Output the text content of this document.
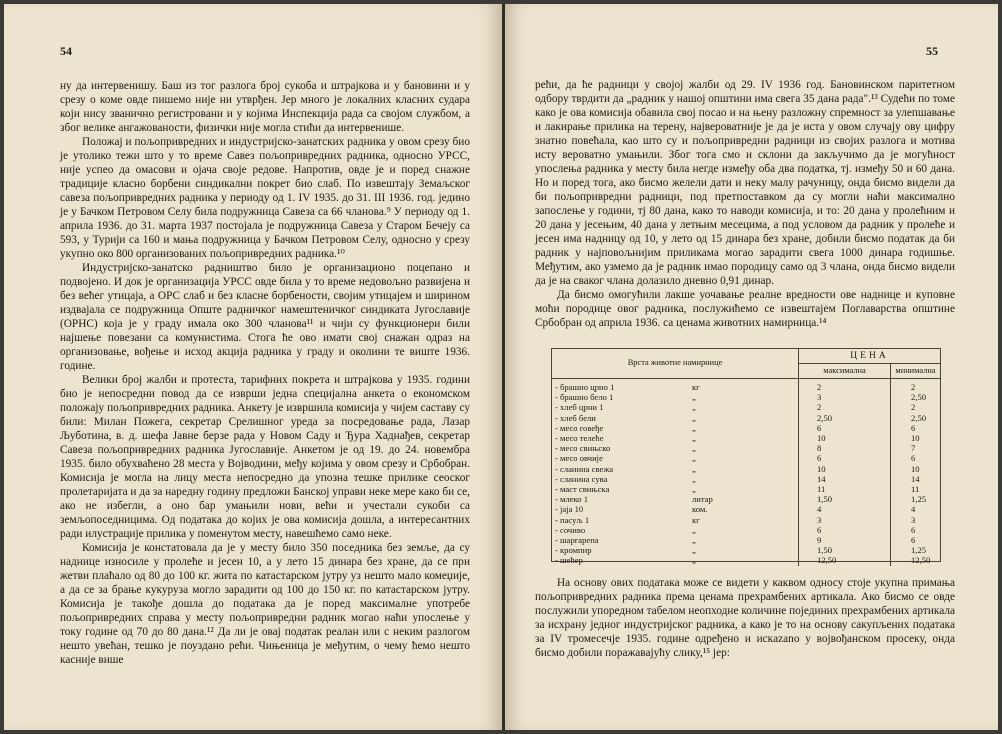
54

ну да интервенишу. Баш из тог разлога број сукоба и штрајкова и у бановини и у срезу о коме овде пишемо није ни утврђен. Јер много је локалних класних судара који нису званично регистровани и у којима Инспекција рада са својом службом, а због велике ангажованости, физички није могла стићи да интервенише.

Положај и пољопривредних и индустријско-занатских радника у овом срезу био је утолико тежи што у то време Савез пољопривредних радника, односно УРСС, није успео да омасови и ојача своје редове. Напротив, овде је и поред снажне традиције класно борбени синдикални покрет био слаб. По извештају Земаљског савеза пољопривредних радника у периоду од 1. IV 1935. до 31. III 1936. год. једино је у Бачком Петровом Селу била подружница Савеза са 66 чланова.⁹ У периоду од 1. априла 1936. до 31. марта 1937 постојала је подружница Савеза у Старом Бечеју са 593, у Турији са 160 и мања подружница у Бачком Петровом Селу, односно у срезу укупно око 800 организованих пољопривредних радника.¹⁰

Индустријско-занатско радништво било је организационо поцепано и подвојено. И док је организација УРСС овде била у то време недовољно развијена и без већег утицаја, а ОРС слаб и без класне борбености, својим утицајем и ширином издвајала се подружница Опште радничког намештеничког синдиката Југославије (ОРНС) која је у граду имала око 300 чланова¹¹ и чији су функционери били најшење повезани са комунистима. Стога ће ово имати свој снажан одраз на организовање, вођење и исход акција радника у граду и околини те виште 1936. године.

Велики број жалби и протеста, тарифних покрета и штрајкова у 1935. години био је непосредни повод да се изврши једна специјална анкета о економском положају пољопривредних радника. Анкету је извршила комисија у чијем саставу су били: Милан Пожега, секретар Срелишног уреда за посредовање рада, Лазар Љуботина, в. д. шефа Јавне берзе рада у Новом Саду и Ђура Хаднађев, секретар Савеза пољопривредних радника Југославије. Анкетом је од 19. до 24. новембра 1935. било обухваћено 28 места у Војводини, међу којима у овом срезу и Србобран. Комисија је могла на лицу места непосредно да упозна тешке прилике сеоског пролетаријата и да за наредну годину предложи Банској управи неке мере како би се, ако не избегли, а оно бар умањили нови, већи и учестали сукоби са земљопоседницима. Од података до којих је ова комисија дошла, а интересантних ради илустрације прилика у поменутом месту, навешћемо само неке.

Комисија је констатовала да је у месту било 350 поседника без земље, да су наднице износиле у пролеће и јесен 10, а у лето 15 динара без хране, да се при жетви плаћало од 80 до 100 кг. жита по катастарском јутру уз нешто мало комеџије, а да се за брање кукуруза могло зарадити од 100 до 150 кг. по катастарском јутру. Комисија је такође дошла до података да је поред максималне употребе пољопривредних справа у месту пољопривредни радник могао наћи упослење у току године од 70 до 80 дана.¹² Да ли је овај податак реалан или с неким разлогом нешто увећан, тешко је поуздано рећи. Чињеница је међутим, о чему ћемо нешто касније више

55

рећи, да ће радници у својој жалби од 29. IV 1936 год. Бановинском паритетном одбору тврдити да „радник у нашој општини има свега 35 дана рада".¹³ Судећи по томе како је ова комисија обавила свој посао и на њену разложну спремност за улепшавање и лакирање прилика на терену, највероватније је да је иста у овом случају ову цифру знатно повећала, као што су и пољопривредни радници из својих разлога и мотива исту вероватно умањили. Због тога смо и склони да закључимо да је могућност упослења радника у месту била негде између оба два податка, тј. између 50 и 60 дана. Но и поред тога, ако бисмо желели дати и неку малу рачуницу, онда бисмо видели да би пољопривредни радници, под претпоставком да су могли наћи максимално запослење у години, тј 80 дана, како то наводи комисија, и то: 20 дана у пролећним и 20 дана у јесењим, 40 дана у летњим месецима, а под условом да радник у пролеће и јесен има надницу од 10, у лето од 15 динара без хране, добили бисмо податак да би радник у најповољнијим приликама могао зарадити свега 1000 динара годишње. Међутим, ако узмемо да је радник имао породицу само од 3 члана, онда бисмо видели да је на сваког члана долазило дневно 0,91 динар.

Да бисмо омогућили лакше уочавање реалне вредности ове наднице и куповне моћи породице овог радника, послужићемо се извештајем Поглаварства општине Србобран од априла 1936. са ценама животних намирница.¹⁴

Врста животне намирнице	ЦЕНА	
	максимална	минимална
- брашно црно 1 кг	2	2
- брашно бело 1 „	3	2,50
- хлеб црни 1 „	2	2
- хлеб бели „	2,50	2,50
- месо говеђе „	6	6
- месо телеће „	10	10
- месо свињско „	8	7
- месо овчије „	6	6
- сланина свежа „	10	10
- сланина сува „	14	14
- маст свињска „	11	11
- млеко 1 литар	1,50	1,25
- јаја 10 ком.	4	4
- пасуљ 1 кг	3	3
- сочиво „	6	6
- шаргарепа „	9	6
- кромпир „	1,50	1,25
- шећер „	12,50	12,50

На основу ових података може се видети у каквом односу стоје укупна примања пољопривредних радника према ценама прехрамбених артикала. Ако бисмо се овде послужили упоредном табелом неопходне количине појединих прехрамбених артикала за исхрану једног индустријског радника, а како је то на основу сакупљених података за IV тромесечје 1935. године одређено и искazano у војвођанском просеку, онда бисмо добили поражавајућу слику,¹⁵ јер:
